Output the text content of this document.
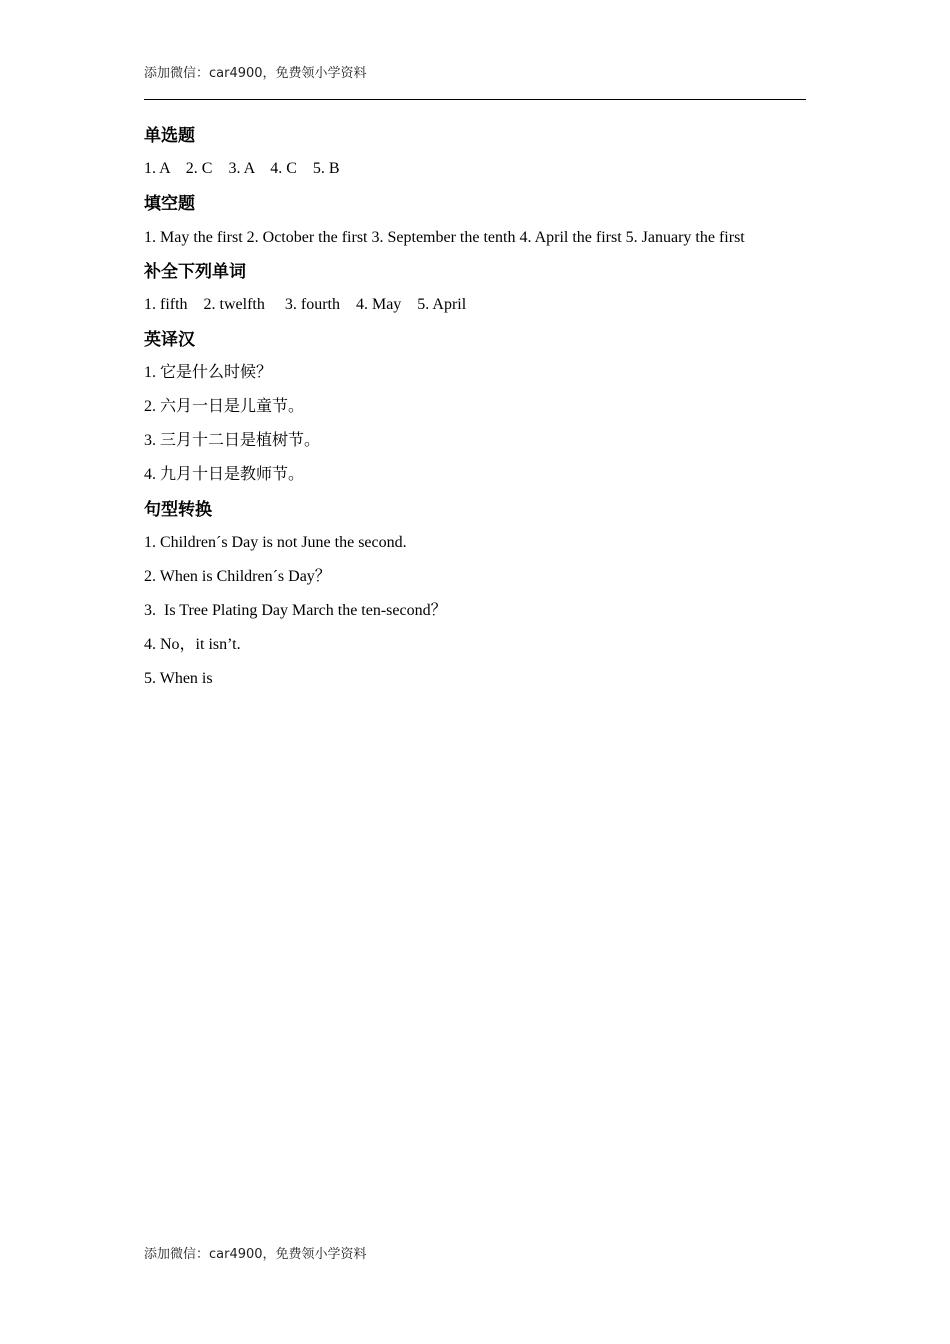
添加微信：car4900，免费领小学资料
单选题
1. A    2. C    3. A    4. C    5. B
填空题
1. May the first 2. October the first 3. September the tenth 4. April the first 5. January the first
补全下列单词
1. fifth    2. twelfth     3. fourth    4. May    5. April
英译汉
1. 它是什么时候？
2. 六月一日是儿童节。
3. 三月十二日是植树节。
4. 九月十日是教师节。
句型转换
1. Children´s Day is not June the second.
2. When is Children´s Day？
3.  Is Tree Plating Day March the ten-second？
4. No，it isn’t.
5. When is
添加微信：car4900，免费领小学资料
